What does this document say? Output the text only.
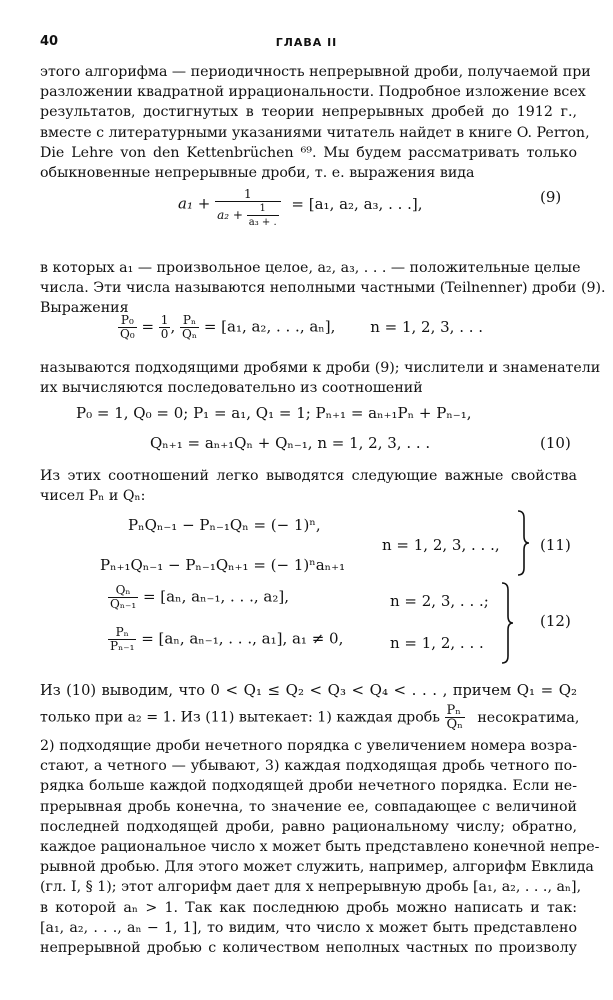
40	ГЛАВА II
этого алгорифма — периодичность непрерывной дроби, получаемой при
разложении квадратной иррациональности. Подробное изложение всех
результатов, достигнутых в теории непрерывных дробей до 1912 г.,
вместе с литературными указаниями читатель найдет в книге O. Perron,
Die Lehre von den Kettenbrüchen ⁶⁹. Мы будем рассматривать только
обыкновенные непрерывные дроби, т. е. выражения вида
$a_1 + \frac{1}{a_2 + \frac{1}{\text{a₃ + .}}} = [a_1$, a₂, a₃, . . .],	(9)
в которых a₁ — произвольное целое, a₂, a₃, . . . — положительные целые
числа. Эти числа называются неполными частными (Teilnenner) дроби (9).
Выражения
$\frac{\text{P₀}}{\text{Q₀}} = \frac{1}{0}$ , $\frac{\text{Pₙ}}{\text{Qₙ}} = [a_1$, a₂, . . ., aₙ], n = 1, 2, 3, . . .
называются подходящими дробями к дроби (9); числители и знаменатели
их вычисляются последовательно из соотношений
P₀ = 1, Q₀ = 0; P₁ = a₁, Q₁ = 1; Pₙ₊₁ = aₙ₊₁Pₙ + Pₙ₋₁,
Qₙ₊₁ = aₙ₊₁Qₙ + Qₙ₋₁, n = 1, 2, 3, . . .	(10)
Из этих соотношений легко выводятся следующие важные свойства
чисел Pₙ и Qₙ:
PₙQₙ₋₁ − Pₙ₋₁Qₙ = (− 1)ⁿ,
Pₙ₊₁Qₙ₋₁ − Pₙ₋₁Qₙ₊₁ = (− 1)ⁿaₙ₊₁
n = 1, 2, 3, . . .,	(11)
$\frac{\text{Qₙ}}{\text{Qₙ₋₁}} = [a_n$, aₙ₋₁, . . ., a₂],	n = 2, 3, . . .;
$\frac{\text{Pₙ}}{\text{Pₙ₋₁}} = [a_n$, aₙ₋₁, . . ., a₁], a₁ ≠ 0,	n = 1, 2, . . .
(12)
Из (10) выводим, что 0 < Q₁ ≤ Q₂ < Q₃ < Q₄ < . . . , причем Q₁ = Q₂
только при a₂ = 1. Из (11) вытекает: 1) каждая дробь $\frac{\text{Pₙ}}{\text{Qₙ}}$ несократима,
2) подходящие дроби нечетного порядка с увеличением номера возра-
стают, а четного — убывают, 3) каждая подходящая дробь четного по-
рядка больше каждой подходящей дроби нечетного порядка. Если не-
прерывная дробь конечна, то значение ее, совпадающее с величиной
последней подходящей дроби, равно рациональному числу; обратно,
каждое рациональное число x может быть представлено конечной непре-
рывной дробью. Для этого может служить, например, алгорифм Евклида
(гл. I, § 1); этот алгорифм дает для x непрерывную дробь [a₁, a₂, . . ., aₙ],
в которой aₙ > 1. Так как последнюю дробь можно написать и так:
[a₁, a₂, . . ., aₙ − 1, 1], то видим, что число x может быть представлено
непрерывной дробью с количеством неполных частных по произволу
